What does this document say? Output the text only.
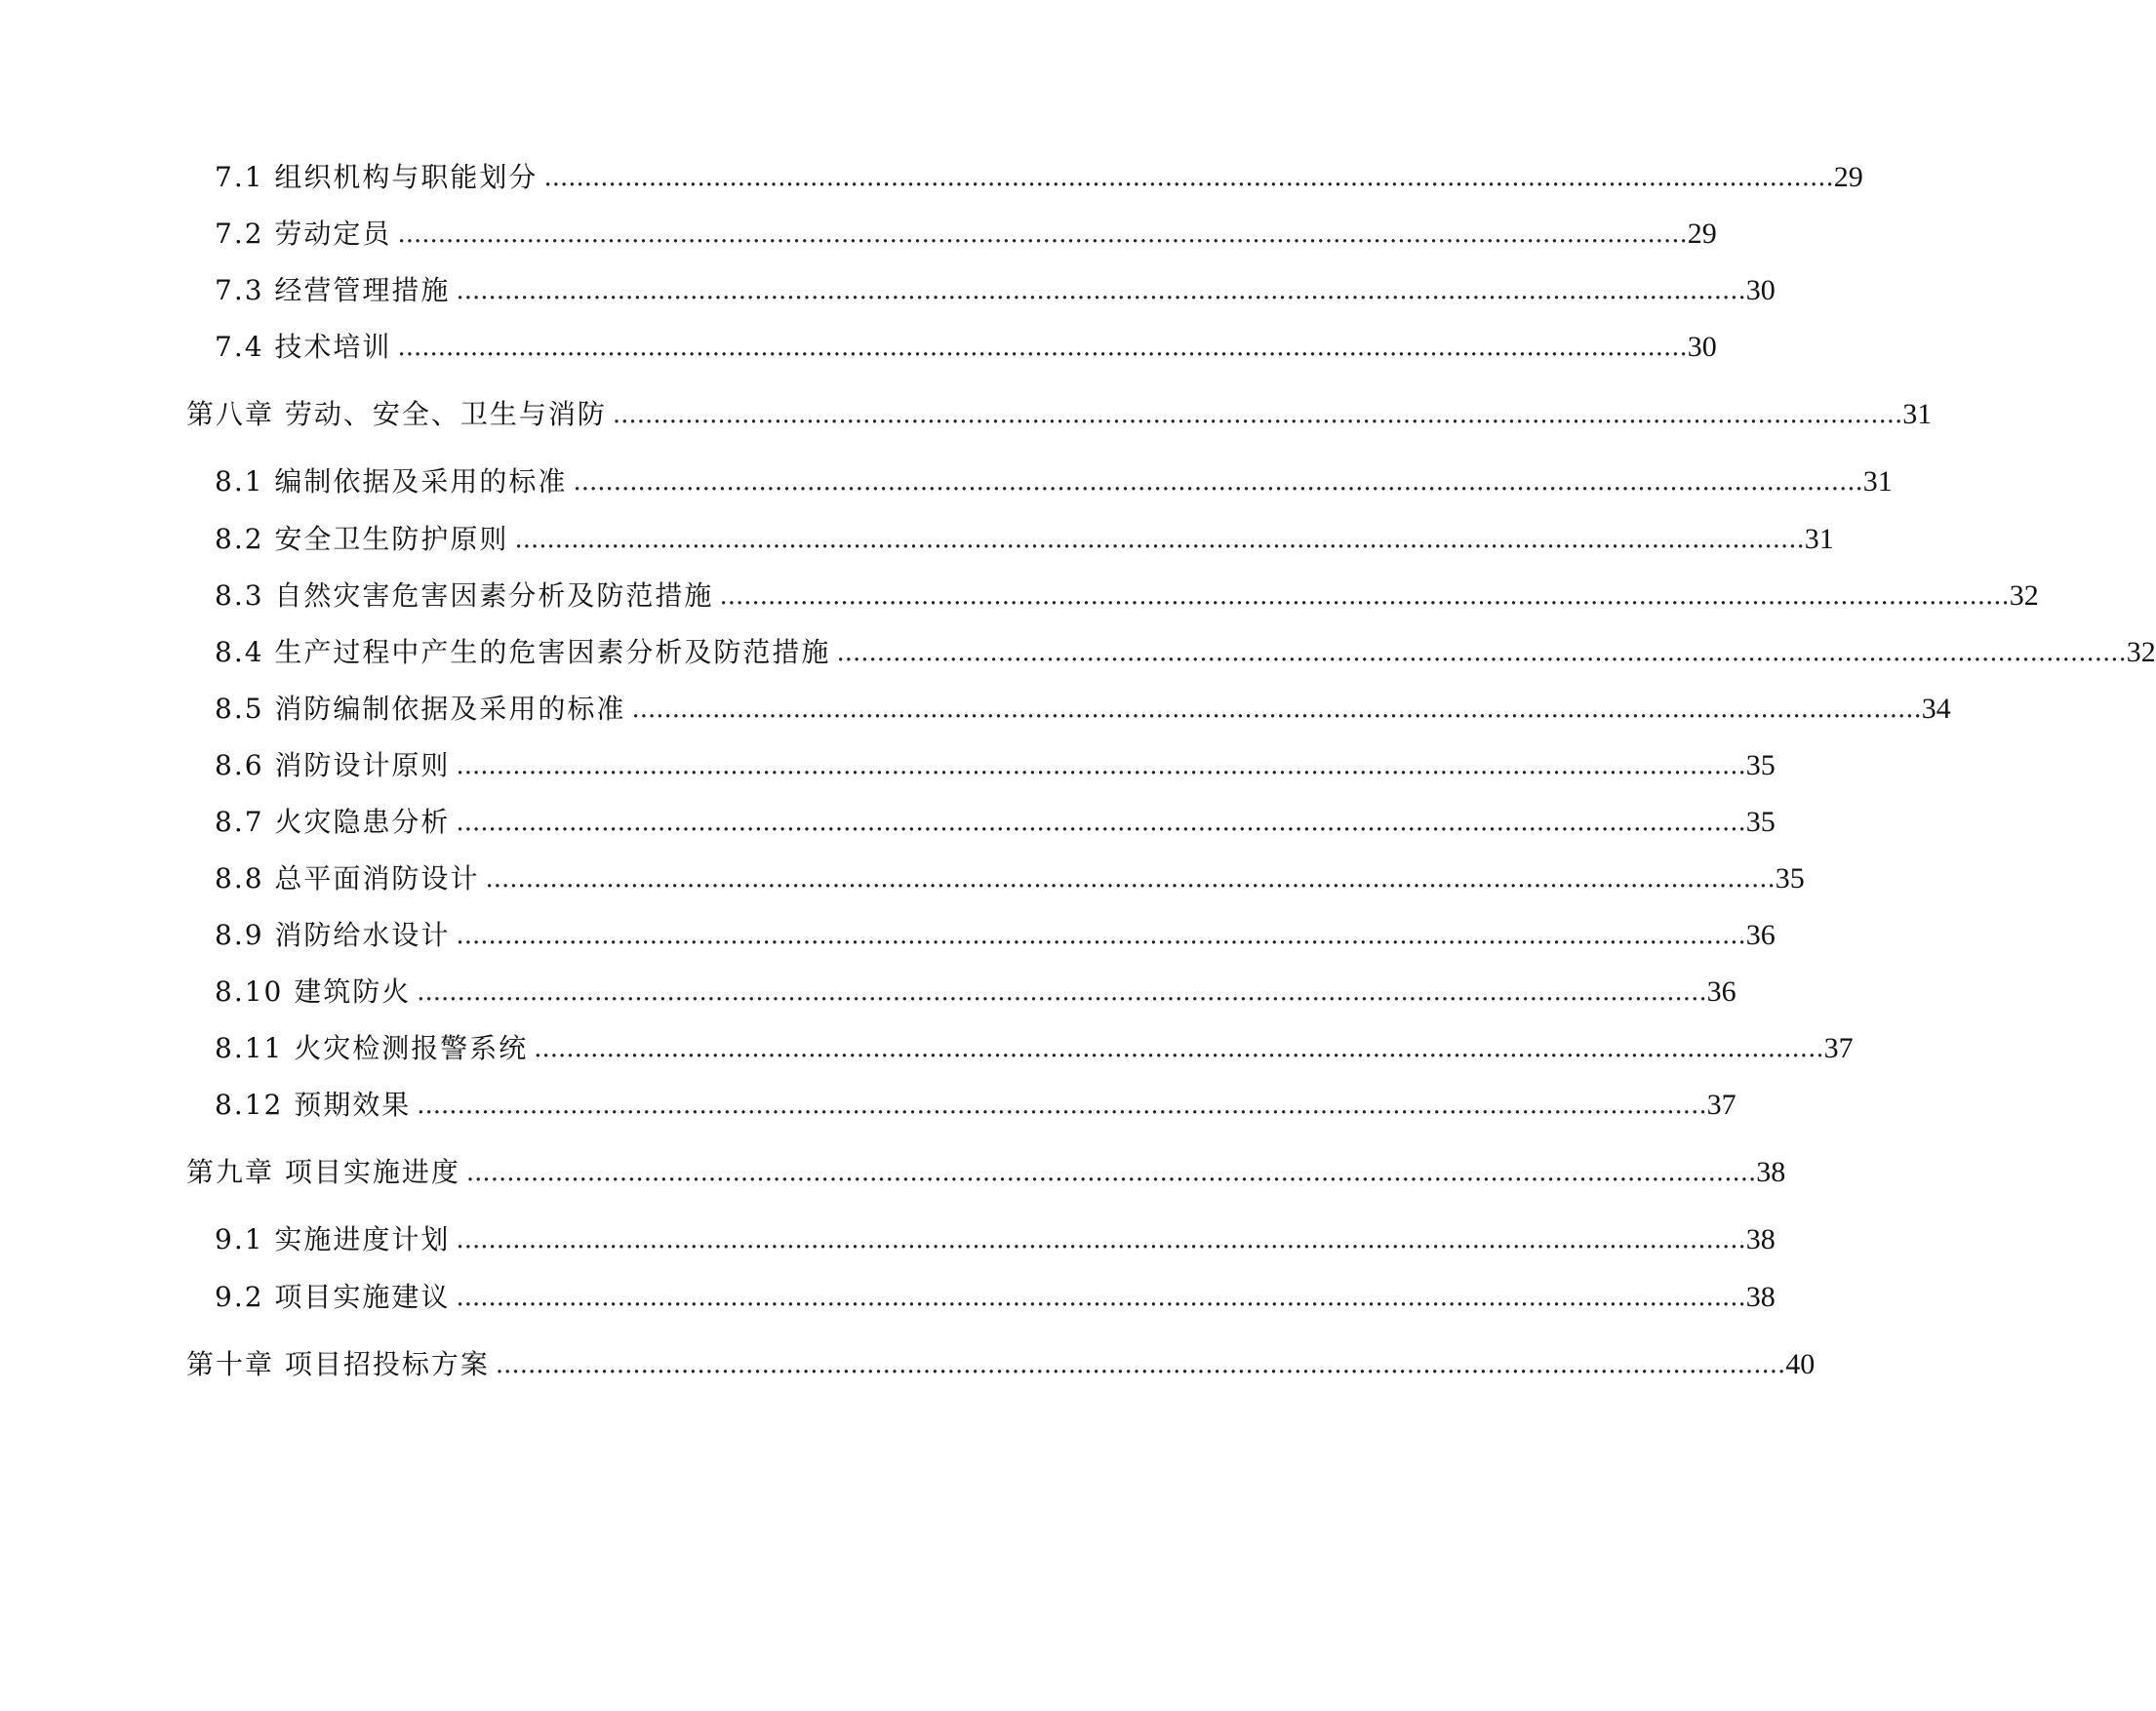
7.1 组织机构与职能划分 ................................................................................................................................................................ 29
7.2 劳动定员 ................................................................................................................................................................ 29
7.3 经营管理措施 ................................................................................................................................................................ 30
7.4 技术培训 ................................................................................................................................................................ 30
第八章 劳动、安全、卫生与消防 ................................................................................................................................................................ 31
8.1 编制依据及采用的标准 ................................................................................................................................................................ 31
8.2 安全卫生防护原则 ................................................................................................................................................................ 31
8.3 自然灾害危害因素分析及防范措施 ................................................................................................................................................................ 32
8.4 生产过程中产生的危害因素分析及防范措施 ................................................................................................................................................................ 32
8.5 消防编制依据及采用的标准 ................................................................................................................................................................ 34
8.6 消防设计原则 ................................................................................................................................................................ 35
8.7 火灾隐患分析 ................................................................................................................................................................ 35
8.8 总平面消防设计 ................................................................................................................................................................ 35
8.9 消防给水设计 ................................................................................................................................................................ 36
8.10 建筑防火 ................................................................................................................................................................ 36
8.11 火灾检测报警系统 ................................................................................................................................................................ 37
8.12 预期效果 ................................................................................................................................................................ 37
第九章 项目实施进度 ................................................................................................................................................................ 38
9.1 实施进度计划 ................................................................................................................................................................ 38
9.2 项目实施建议 ................................................................................................................................................................ 38
第十章 项目招投标方案 ................................................................................................................................................................ 40
